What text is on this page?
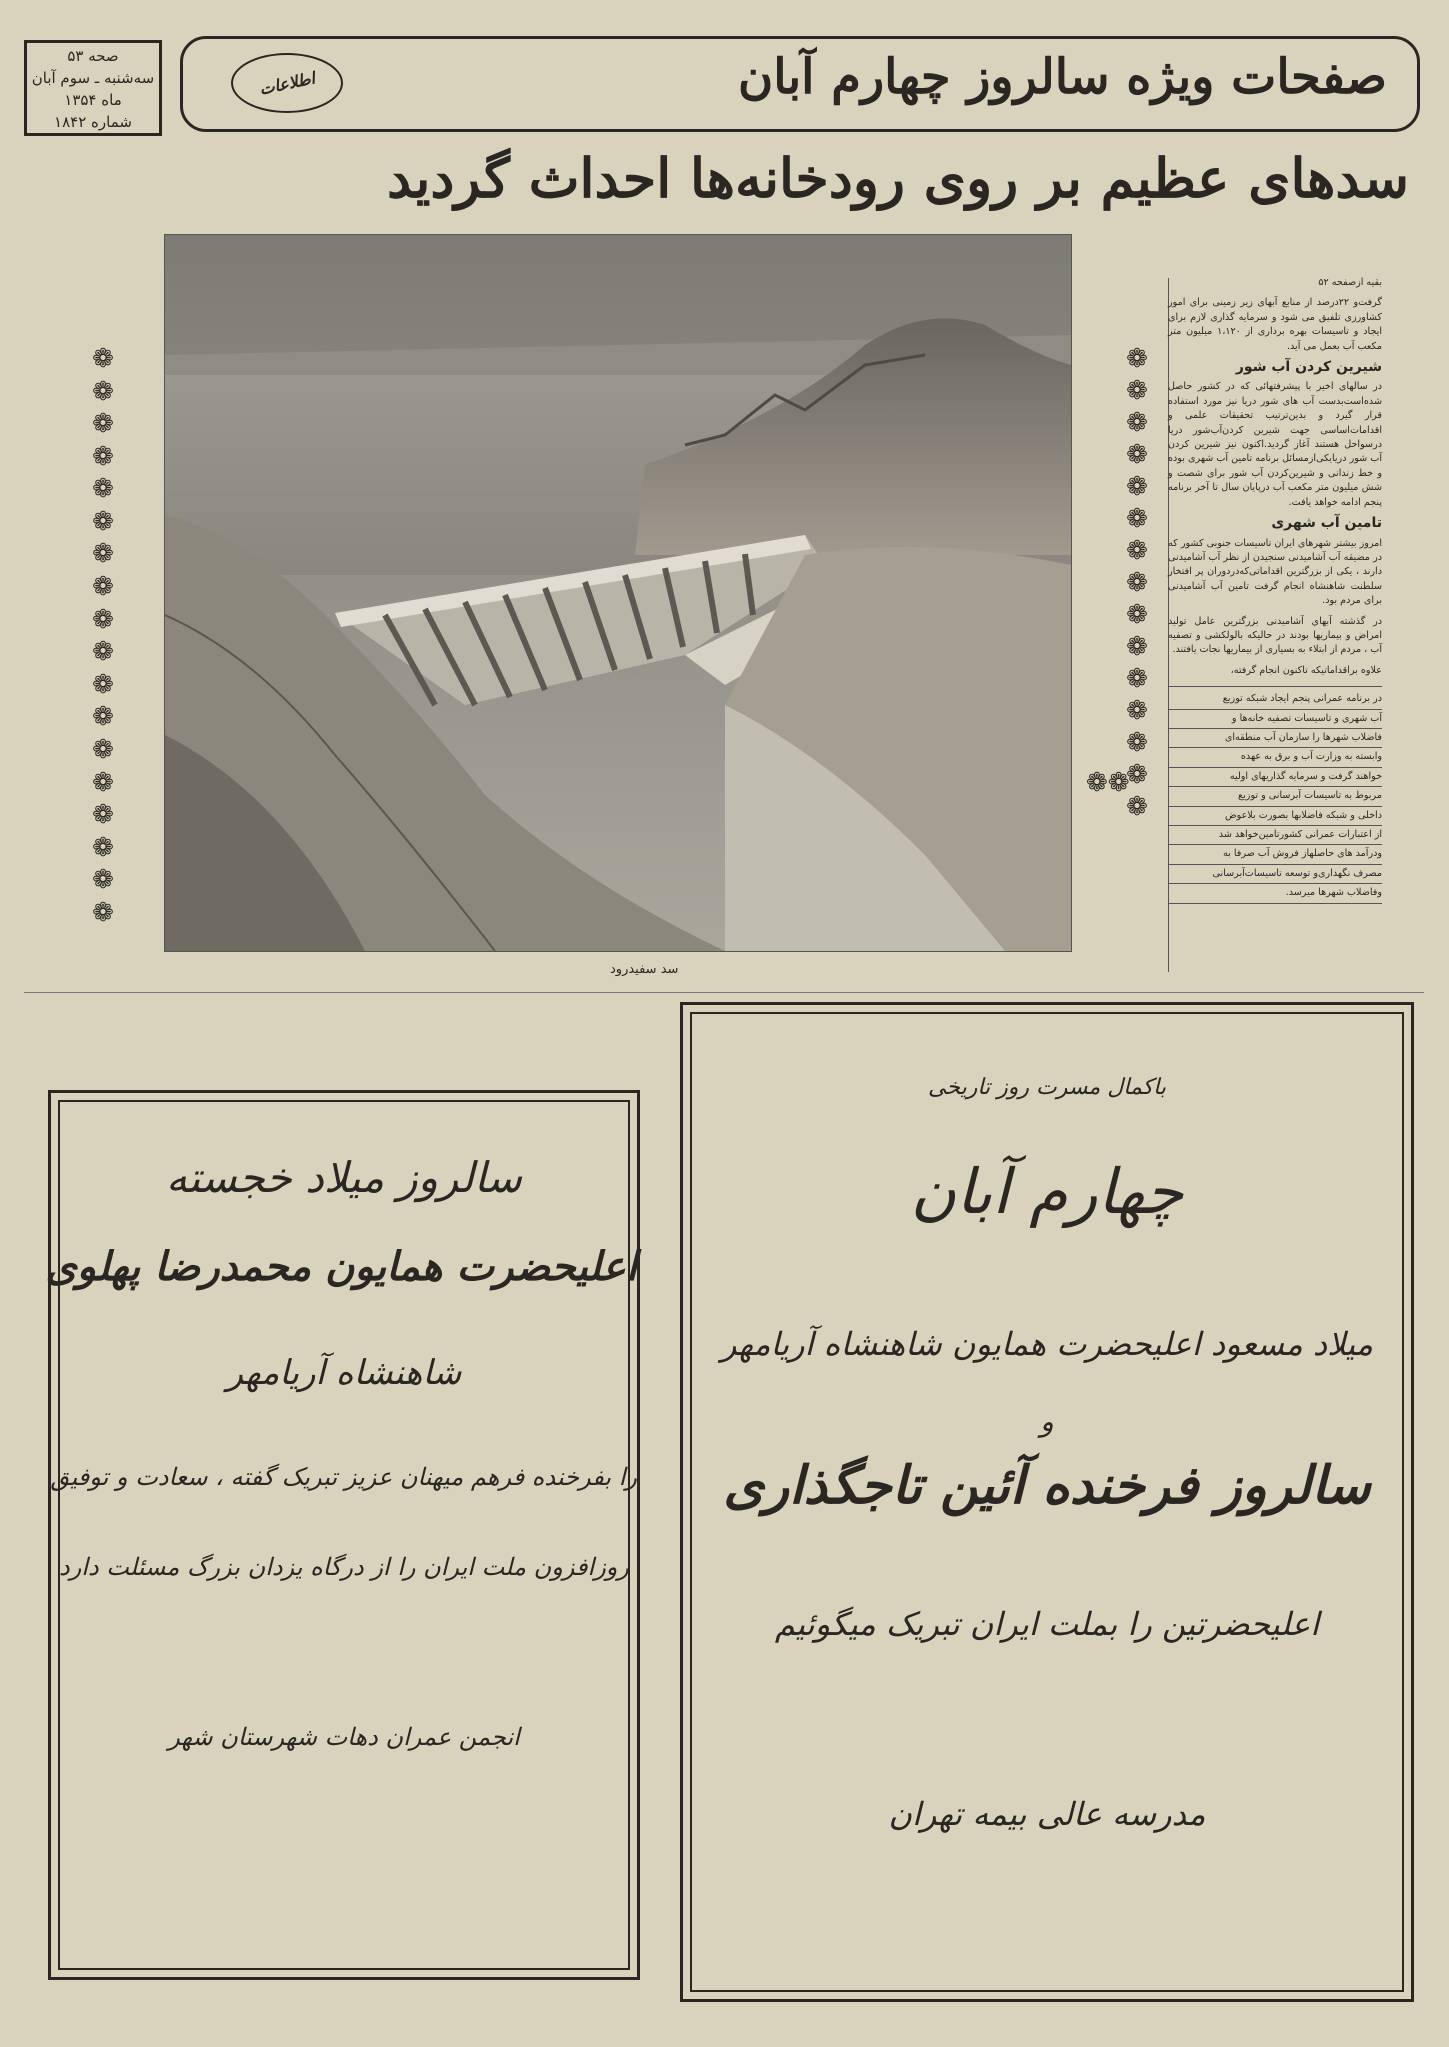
صحه ۵۳
سه‌شنبه ـ سوم آبان
ماه ۱۳۵۴
شماره ۱۸۴۲
صفحات ویژه سالروز چهارم آبان
اطلاعات
سدهای عظیم بر روی رودخانه‌ها احداث گردید
❁
❁
❁
❁
❁
❁
❁
❁
❁
❁
❁
❁
❁
❁
❁
❁
❁
❁
❁
❁
❁
❁
❁
❁
❁
❁
❁
❁
❁
❁
❁
❁
❁
❁❁
سد سفیدرود

بقیه ازصفحه ۵۲

گرفت‌و ۲۲درصد از منابع آبهای زیر زمینی برای امور کشاورزی تلفیق می شود و سرمایه گذاری لازم برای ایجاد و تاسیسات بهره برداری از ۱،۱۲۰ میلیون متر مکعب آب بعمل می آید.

شیرین کردن آب شور

در سالهای اخیر با پیشرفتهائی که در کشور حاصل شده‌است‌بدست آب های شور دریا نیز مورد استفاده قرار گیرد و بدین‌ترتیب تحقیقات علمی و اقدامات‌اساسی جهت شیرین کردن‌آب‌شور دریا درسواحل هستند آغاز گردید.اکنون نیز شیرین کردن آب شور دریا‌یکی‌ازمسائل برنامه تامین آب شهری بوده و خط زندانی و شیرین‌کردن آب شور برای شصت و شش میلیون متر مکعب آب درپایان سال تا آخر برنامه پنجم ادامه خواهد یافت.

تامین آب شهری

امروز بیشتر شهرهای ایران تاسیسات جنوبی کشور که در مضیقه آب آشامیدنی سنجیدن از نظر آب آشامیدنی دارند ، یکی از بزرگترین اقداماتی‌که‌دردوران پر افتخار سلطنت شاهنشاه انجام گرفت تامین آب آشامیدنی برای مردم بود.

در گذشته آبهای آشامیدنی بزرگترین عامل تولید امراض و بیماریها بودند در حالیکه بالولکشی و تصفیه آب ، مردم از ابتلاء به بسیاری از بیماریها نجات یافتند.

علاوه براقداماتیکه تاکنون انجام گرفته،

در برنامه عمرانی پنجم ایجاد شبکه توزیع
آب شهری و تاسیسات تصفیه خانه‌ها و
فاضلاب شهرها را سازمان آب منطقه‌ای
وابسته به وزارت آب و برق به عهده
خواهند گرفت و سرمایه گذاریهای اولیه
مربوط به تاسیسات آبرسانی و توزیع
داخلی و شبکه فاضلابها بصورت بلاعوض
از اعتبارات عمرانی کشورتامین‌خواهد شد
ودرآمد های حاصلهاز فروش آب صرفا به
مصرف نگهداری‌و توسعه تاسیسات‌آبرسانی
وفاضلاب شهرها میرسد.
سالروز میلاد خجسته
اعلیحضرت همایون محمدرضا پهلوی
شاهنشاه آریامهر
را بفرخنده فرهم میهنان عزیز تبریک گفته ، سعادت و توفیق
روزافزون ملت ایران را از درگاه یزدان بزرگ مسئلت دارد
انجمن عمران دهات شهرستان شهر
باکمال مسرت روز تاریخی
چهارم آبان
میلاد مسعود اعلیحضرت همایون شاهنشاه آریامهر
و
سالروز فرخنده آئین تاجگذاری
اعلیحضرتین را بملت ایران تبریک میگوئیم
مدرسه عالی بیمه تهران
